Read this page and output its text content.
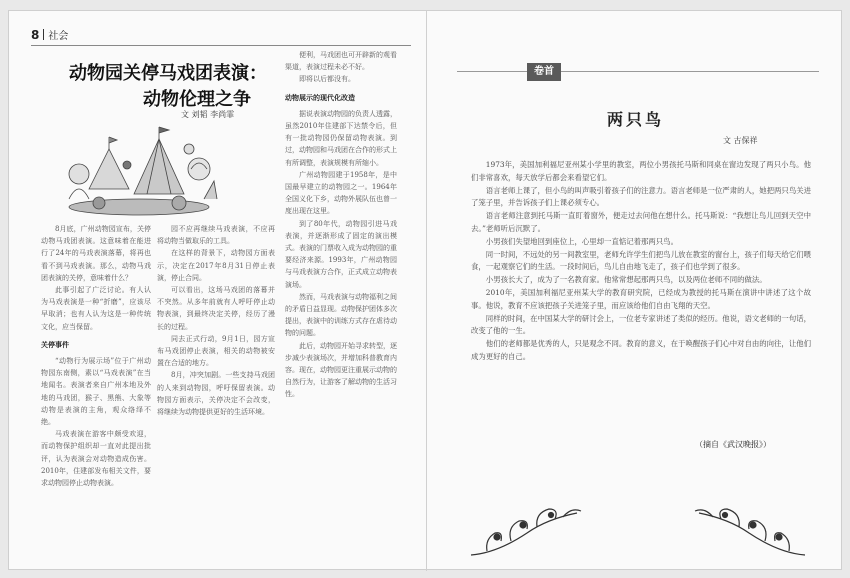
8 社会
动物园关停马戏团表演：
动物伦理之争
文 刘韬 李尚霏

8月底，广州动物园宣布，关停动物马戏团表演。这意味着在能进行了24年的马戏表演落幕，将再也看不到马戏表演。那么，动物马戏团表演的关停，意味着什么？

此事引起了广泛讨论。有人认为马戏表演是一种“折磨”，应该尽早取消；也有人认为这是一种传统文化，应当保留。

关停事件

“动物行为展示场”位于广州动物园东南侧，素以“马戏表演”在当地闻名。表演者来自广州本地及外地的马戏团，猴子、黑熊、大象等动物是表演的主角，观众络绎不绝。

马戏表演在游客中颇受欢迎，而动物保护组织却一直对此提出批评，认为表演会对动物造成伤害。2010年，住建部发布相关文件，要求动物园停止动物表演。

园不应再继续马戏表演，不应再将动物当做取乐的工具。

在这样的背景下，动物园方面表示，决定在2017年8月31日停止表演，停止合同。

可以看出，这场马戏团的落幕并不突然。从多年前就有人呼吁停止动物表演，到最终决定关停，经历了漫长的过程。

同去正式行动，9月1日，园方宣布马戏团停止表演，相关的动物被安置在合适的地方。

8月，冲突加剧。一些支持马戏团的人来到动物园，呼吁保留表演。动物园方面表示，关停决定不会改变，将继续为动物提供更好的生活环境。

便利，马戏团也可开辟新的观看渠道，表演过程未必不好。

即将以后都没有。

动物展示的现代化改造

据说表演动物园的负责人透露，虽然2010年住建部下达禁令后，但有一批动物园仍保留动物表演。到过，动物园和马戏团在合作的形式上有所调整，表演规模有所缩小。

广州动物园建于1958年，是中国最早建立的动物园之一。1964年全国义化下乡，动物外展队伍也曾一度出现在这里。

到了80年代，动物园引进马戏表演，并逐渐形成了固定的演出模式。表演的门票收入成为动物园的重要经济来源。1993年，广州动物园与马戏表演方合作，正式成立动物表演场。

然而，马戏表演与动物福利之间的矛盾日益显现。动物保护团体多次提出，表演中的训练方式存在虐待动物的问题。

此后，动物园开始寻求转型，逐步减少表演场次，并增加科普教育内容。现在，动物园更注重展示动物的自然行为，让游客了解动物的生活习性。

卷首
两只鸟
文 古保祥

1973年，美国加利福尼亚州某小学里的教室，两位小男孩托马斯和同桌在窗边发现了两只小鸟。他们非常喜欢，每天放学后都会来看望它们。

语言老师上课了，但小鸟的叫声吸引着孩子们的注意力。语言老师是一位严肃的人，她把两只鸟关进了笼子里，并告诉孩子们上课必须专心。

语言老师注意到托马斯一直盯着窗外，便走过去问他在想什么。托马斯说：“我想让鸟儿回到天空中去。”老师听后沉默了。

小男孩们失望地回到座位上，心里却一直惦记着那两只鸟。

同一时间，不远处的另一间教室里，老师允许学生们把鸟儿放在教室的窗台上，孩子们每天给它们喂食，一起观察它们的生活。一段时间后，鸟儿自由地飞走了，孩子们也学到了很多。

小男孩长大了，成为了一名教育家。他常常想起那两只鸟，以及两位老师不同的做法。

2010年，美国加利福尼亚州某大学的教育研究院，已经成为教授的托马斯在演讲中讲述了这个故事。他说，教育不应该把孩子关进笼子里，而应该给他们自由飞翔的天空。

同样的时间，在中国某大学的研讨会上，一位老专家讲述了类似的经历。他说，语文老师的一句话，改变了他的一生。

他们的老师都是优秀的人，只是观念不同。教育的意义，在于唤醒孩子们心中对自由的向往，让他们成为更好的自己。

（摘自《武汉晚报》）
